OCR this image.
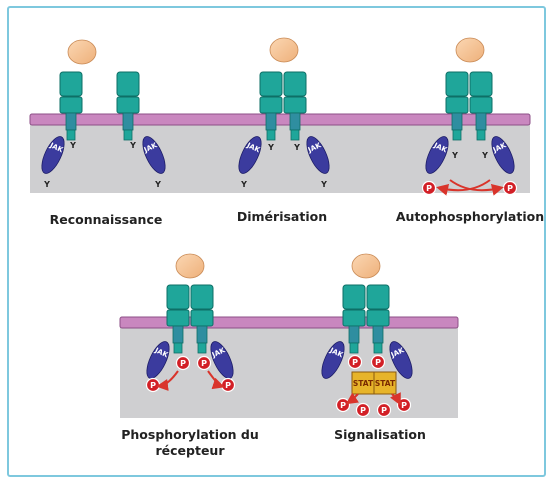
JAK	JAK
Y	Y
Y	Y
JAK	JAK
Y	Y
Y	Y
JAK	JAK
Y	Y
P	P
JAK	JAK
P P
P	P
JAK	JAK
P P
STAT STAT
P
P P
P
Reconnaissance	Dimérisation	Autophosphorylation
Phosphorylation du
récepteur
Signalisation
